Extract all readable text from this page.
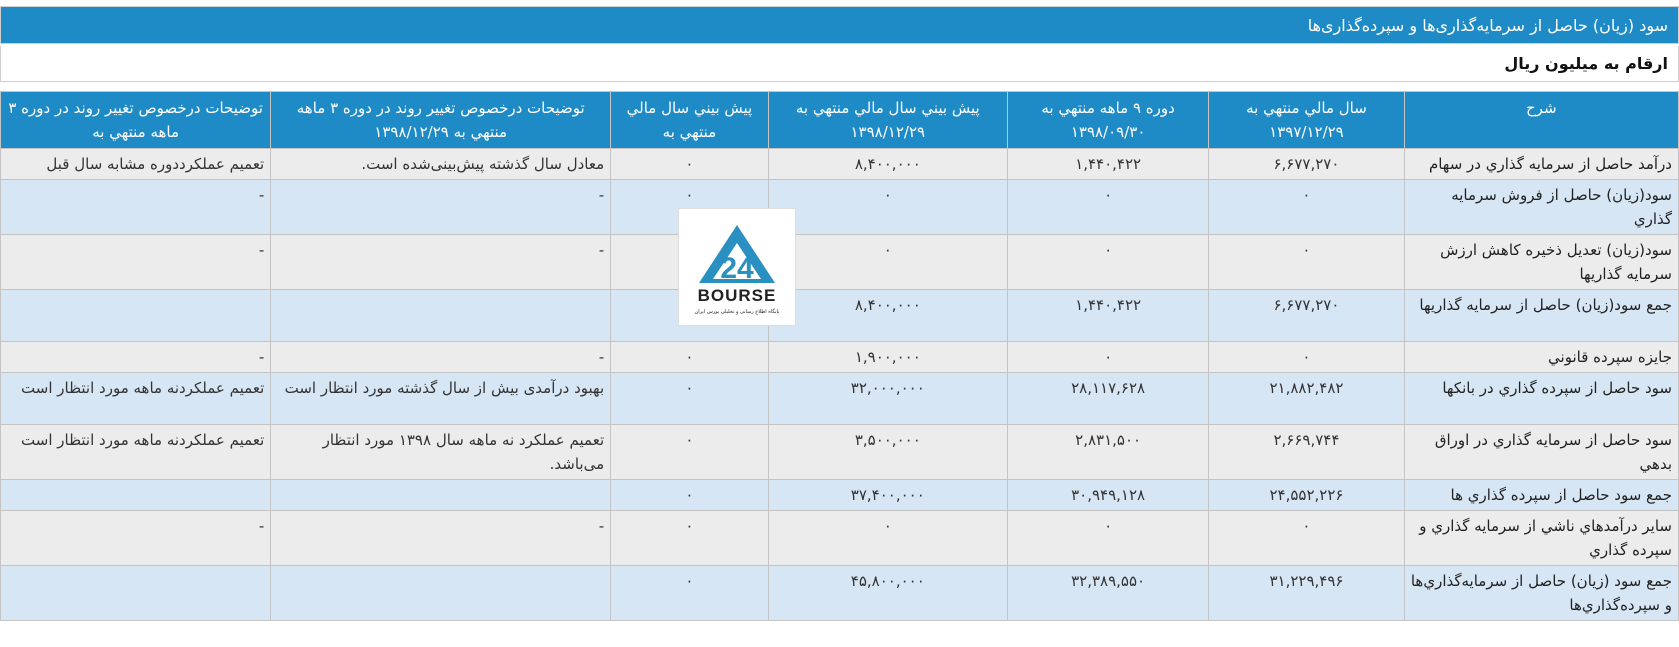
سود (زیان) حاصل از سرمایه‌گذاری‌ها و سپرده‌گذاری‌ها
ارقام به میلیون ریال
شرح	سال مالي منتهي به ۱۳۹۷/۱۲/۲۹	دوره ۹ ماهه منتهي به ۱۳۹۸/۰۹/۳۰	پيش بيني سال مالي منتهي به ۱۳۹۸/۱۲/۲۹	پيش بيني سال مالي منتهي به	توضیحات درخصوص تغییر روند در دوره ۳ ماهه منتهي به ۱۳۹۸/۱۲/۲۹	توضیحات درخصوص تغییر روند در دوره ۳ ماهه منتهي به
درآمد حاصل از سرمايه گذاري در سهام	۶,۶۷۷,۲۷۰	۱,۴۴۰,۴۲۲	۸,۴۰۰,۰۰۰	۰	معادل سال گذشته پیش‌بینی‌شده است.	تعمیم عملکرددوره مشابه سال قبل
سود(زيان) حاصل از فروش سرمايه گذاري	۰	۰	۰	۰	-	-
سود(زيان) تعديل ذخيره کاهش ارزش سرمايه گذاريها	۰	۰	۰		-	-
جمع سود(زيان) حاصل از سرمايه گذاريها	۶,۶۷۷,۲۷۰	۱,۴۴۰,۴۲۲	۸,۴۰۰,۰۰۰			
جايزه سپرده قانوني	۰	۰	۱,۹۰۰,۰۰۰	۰	-	-
سود حاصل از سپرده گذاري در بانکها	۲۱,۸۸۲,۴۸۲	۲۸,۱۱۷,۶۲۸	۳۲,۰۰۰,۰۰۰	۰	بهبود درآمدی بیش از سال گذشته مورد انتظار است	تعمیم عملکردنه ماهه مورد انتظار است
سود حاصل از سرمايه گذاري در اوراق بدهي	۲,۶۶۹,۷۴۴	۲,۸۳۱,۵۰۰	۳,۵۰۰,۰۰۰	۰	تعمیم عملکرد نه ماهه سال ۱۳۹۸ مورد انتظار می‌باشد.	تعمیم عملکردنه ماهه مورد انتظار است
جمع سود حاصل از سپرده گذاري ها	۲۴,۵۵۲,۲۲۶	۳۰,۹۴۹,۱۲۸	۳۷,۴۰۰,۰۰۰	۰		
ساير درآمدهاي ناشي از سرمايه گذاري و سپرده گذاري	۰	۰	۰	۰	-	-
جمع سود (زيان) حاصل از سرمايه‌گذاري‌ها و سپرده‌گذاري‌ها	۳۱,۲۲۹,۴۹۶	۳۲,۳۸۹,۵۵۰	۴۵,۸۰۰,۰۰۰	۰		
24
BOURSE
پایگاه اطلاع رسانی و تحلیلی بورس ایران
